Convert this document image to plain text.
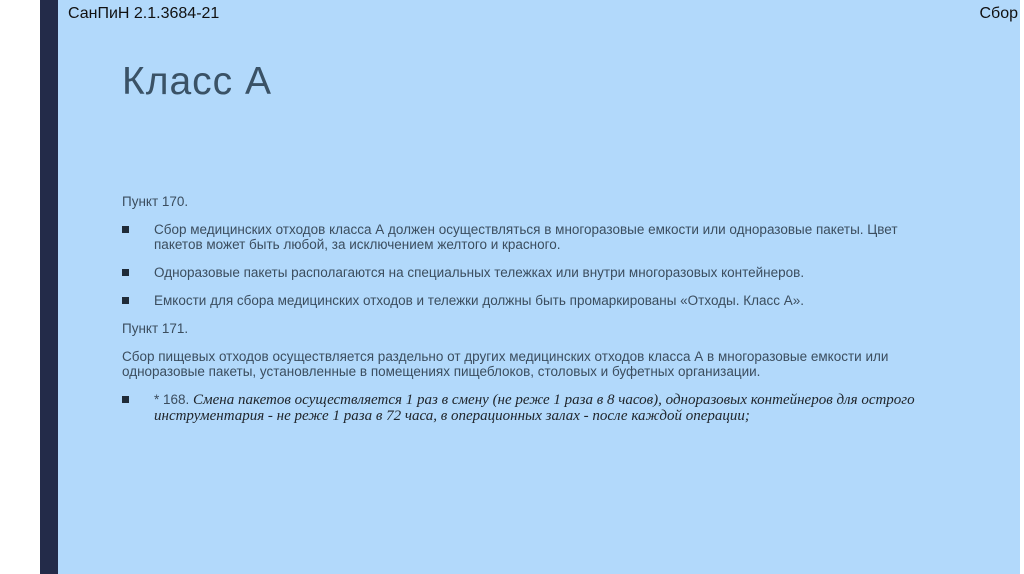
СанПиН 2.1.3684-21	Сбор
Класс А

Пункт 170.

Сбор медицинских отходов класса А должен осуществляться в многоразовые емкости или одноразовые пакеты. Цвет пакетов может быть любой, за исключением желтого и красного.
Одноразовые пакеты располагаются на специальных тележках или внутри многоразовых контейнеров.
Емкости для сбора медицинских отходов и тележки должны быть промаркированы «Отходы. Класс А».

Пункт 171.

Сбор пищевых отходов осуществляется раздельно от других медицинских отходов класса А в многоразовые емкости или одноразовые пакеты, установленные в помещениях пищеблоков, столовых и буфетных организации.

* 168. Смена пакетов осуществляется 1 раз в смену (не реже 1 раза в 8 часов), одноразовых контейнеров для острого инструментария - не реже 1 раза в 72 часа, в операционных залах - после каждой операции;
